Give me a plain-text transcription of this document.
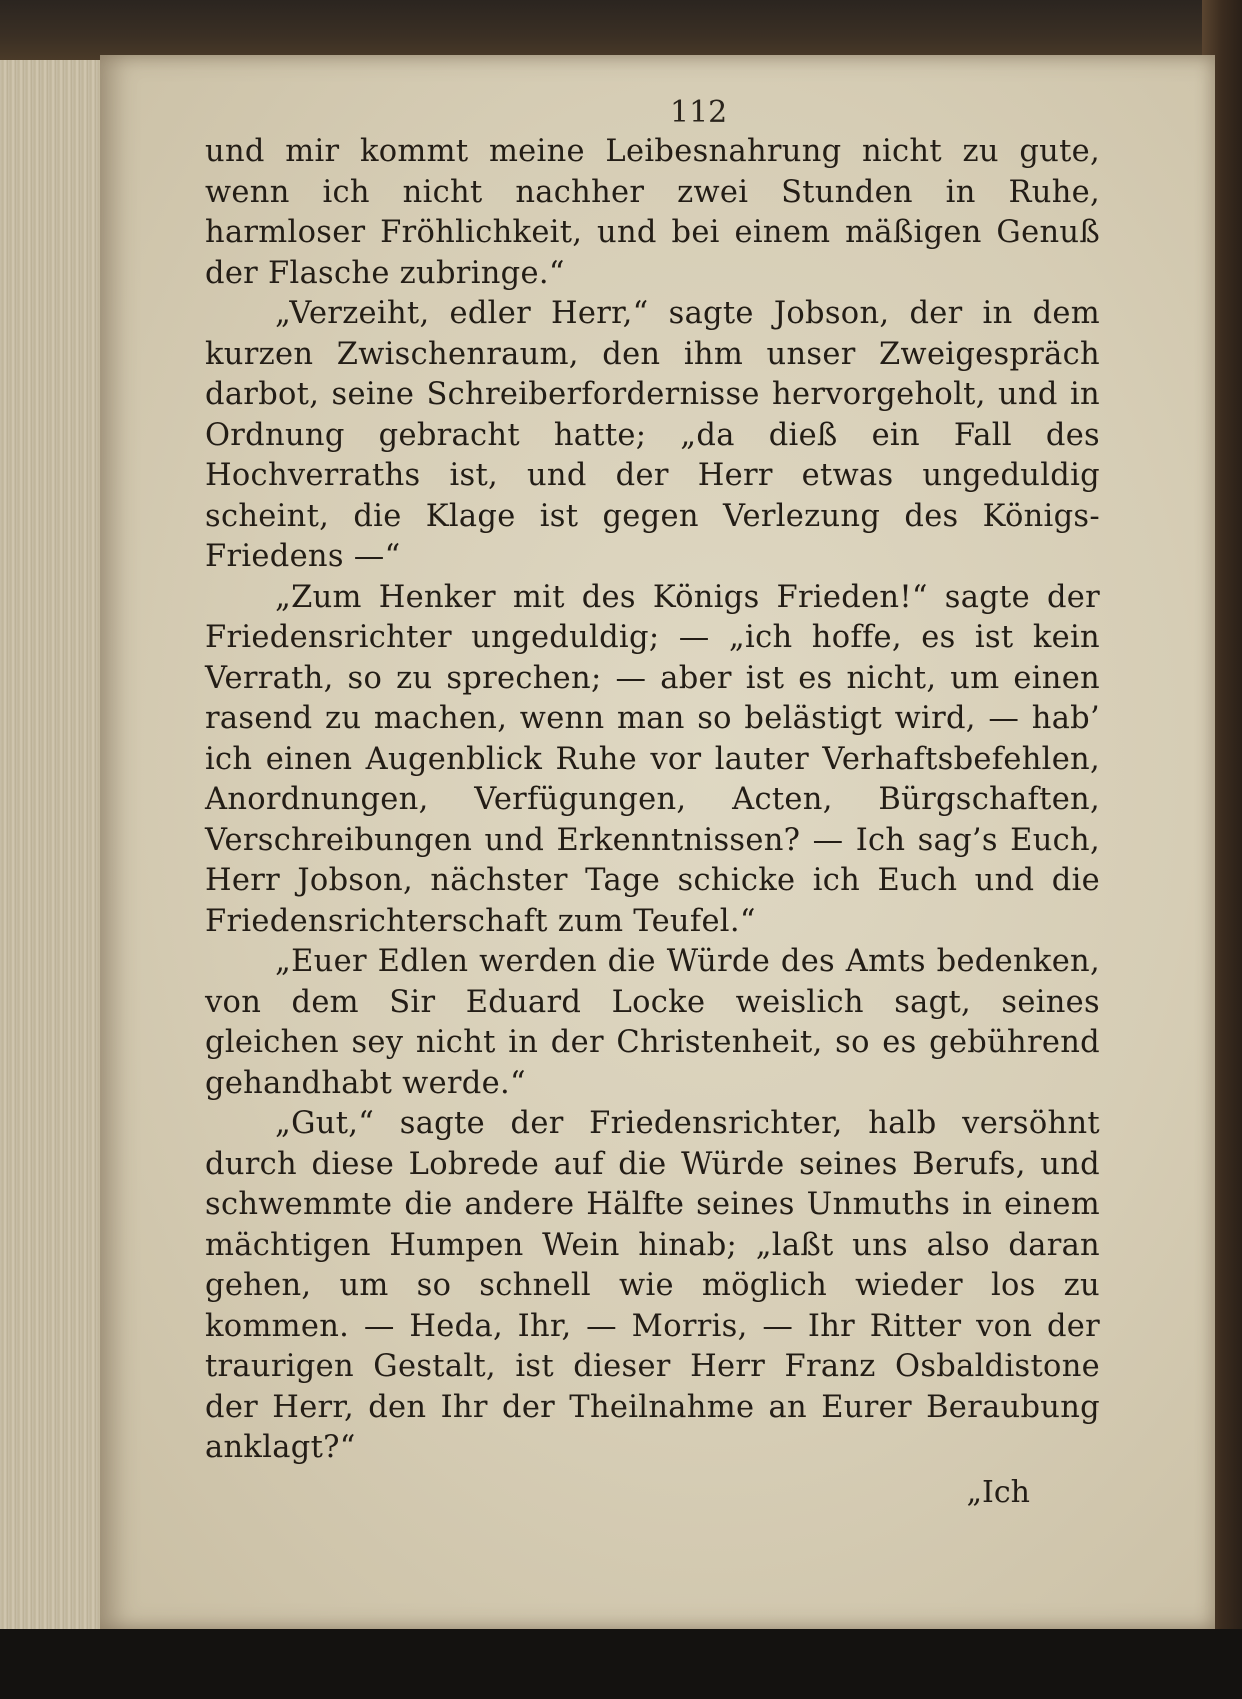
112

und mir kommt meine Leibesnahrung nicht zu gute, wenn ich nicht nachher zwei Stunden in Ruhe, harmloser Fröhlichkeit, und bei einem mäßigen Genuß der Flasche zubringe.“

„Verzeiht, edler Herr,“ sagte Jobson, der in dem kurzen Zwischenraum, den ihm unser Zweigespräch darbot, seine Schreiberfordernisse hervorgeholt, und in Ordnung gebracht hatte; „da dieß ein Fall des Hochverraths ist, und der Herr etwas ungeduldig scheint, die Klage ist gegen Verlezung des Königs-Friedens —“

„Zum Henker mit des Königs Frieden!“ sagte der Friedensrichter ungeduldig; — „ich hoffe, es ist kein Verrath, so zu sprechen; — aber ist es nicht, um einen rasend zu machen, wenn man so belästigt wird, — hab’ ich einen Augenblick Ruhe vor lauter Verhaftsbefehlen, Anordnungen, Verfügungen, Acten, Bürgschaften, Verschreibungen und Erkenntnissen? — Ich sag’s Euch, Herr Jobson, nächster Tage schicke ich Euch und die Friedensrichterschaft zum Teufel.“

„Euer Edlen werden die Würde des Amts bedenken, von dem Sir Eduard Locke weislich sagt, seines gleichen sey nicht in der Christenheit, so es gebührend gehandhabt werde.“

„Gut,“ sagte der Friedensrichter, halb versöhnt durch diese Lobrede auf die Würde seines Berufs, und schwemmte die andere Hälfte seines Unmuths in einem mächtigen Humpen Wein hinab; „laßt uns also daran gehen, um so schnell wie möglich wieder los zu kommen. — Heda, Ihr, — Morris, — Ihr Ritter von der traurigen Gestalt, ist dieser Herr Franz Osbaldistone der Herr, den Ihr der Theilnahme an Eurer Beraubung anklagt?“

„Ich
